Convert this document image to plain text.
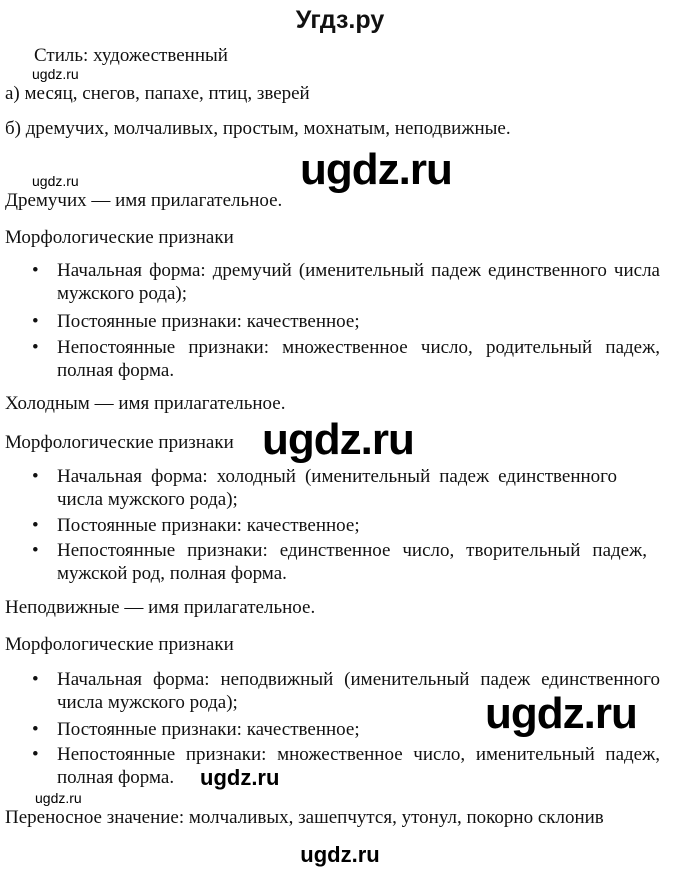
Угдз.ру
Стиль: художественный
ugdz.ru
а) месяц, снегов, папахе, птиц, зверей
б) дремучих, молчаливых, простым, мохнатым, неподвижные.
ugdz.ru
ugdz.ru
Дремучих — имя прилагательное.
Морфологические признаки
• Начальная форма: дремучий (именительный падеж единственного числа мужского рода);
• Постоянные признаки: качественное;
• Непостоянные признаки: множественное число, родительный падеж, полная форма.
Холодным — имя прилагательное.
Морфологические признаки ugdz.ru
• Начальная форма: холодный (именительный падеж единственного числа мужского рода);
• Постоянные признаки: качественное;
• Непостоянные признаки: единственное число, творительный падеж, мужской род, полная форма.
Неподвижные — имя прилагательное.
Морфологические признаки
• Начальная форма: неподвижный (именительный падеж единственного числа мужского рода);	ugdz.ru
• Постоянные признаки: качественное;
• Непостоянные признаки: множественное число, именительный падеж, полная форма.	ugdz.ru
ugdz.ru
Переносное значение: молчаливых, зашепчутся, утонул, покорно склонив
ugdz.ru
